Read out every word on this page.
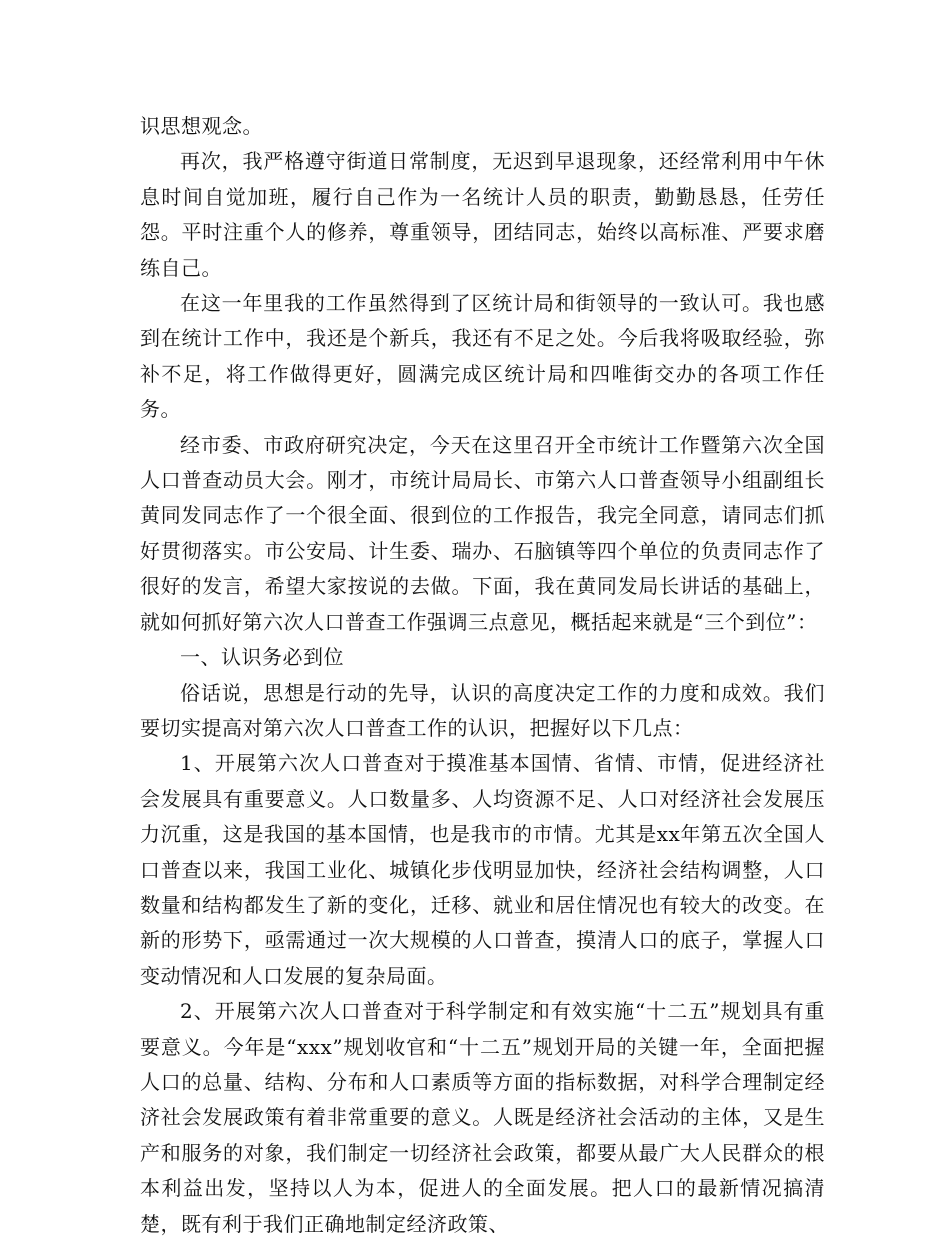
识思想观念。

再次，我严格遵守街道日常制度，无迟到早退现象，还经常利用中午休息时间自觉加班，履行自己作为一名统计人员的职责，勤勤恳恳，任劳任怨。平时注重个人的修养，尊重领导，团结同志，始终以高标准、严要求磨练自己。

在这一年里我的工作虽然得到了区统计局和街领导的一致认可。我也感到在统计工作中，我还是个新兵，我还有不足之处。今后我将吸取经验，弥补不足，将工作做得更好，圆满完成区统计局和四唯街交办的各项工作任务。

经市委、市政府研究决定，今天在这里召开全市统计工作暨第六次全国人口普查动员大会。刚才，市统计局局长、市第六人口普查领导小组副组长黄同发同志作了一个很全面、很到位的工作报告，我完全同意，请同志们抓好贯彻落实。市公安局、计生委、瑞办、石脑镇等四个单位的负责同志作了很好的发言，希望大家按说的去做。下面，我在黄同发局长讲话的基础上，就如何抓好第六次人口普查工作强调三点意见，概括起来就是“三个到位”：

一、认识务必到位

俗话说，思想是行动的先导，认识的高度决定工作的力度和成效。我们要切实提高对第六次人口普查工作的认识，把握好以下几点：

1、开展第六次人口普查对于摸准基本国情、省情、市情，促进经济社会发展具有重要意义。人口数量多、人均资源不足、人口对经济社会发展压力沉重，这是我国的基本国情，也是我市的市情。尤其是xx年第五次全国人口普查以来，我国工业化、城镇化步伐明显加快，经济社会结构调整，人口数量和结构都发生了新的变化，迁移、就业和居住情况也有较大的改变。在新的形势下，亟需通过一次大规模的人口普查，摸清人口的底子，掌握人口变动情况和人口发展的复杂局面。

2、开展第六次人口普查对于科学制定和有效实施“十二五”规划具有重要意义。今年是“xxx”规划收官和“十二五”规划开局的关键一年，全面把握人口的总量、结构、分布和人口素质等方面的指标数据，对科学合理制定经济社会发展政策有着非常重要的意义。人既是经济社会活动的主体，又是生产和服务的对象，我们制定一切经济社会政策，都要从最广大人民群众的根本利益出发，坚持以人为本，促进人的全面发展。把人口的最新情况搞清楚，既有利于我们正确地制定经济政策、
